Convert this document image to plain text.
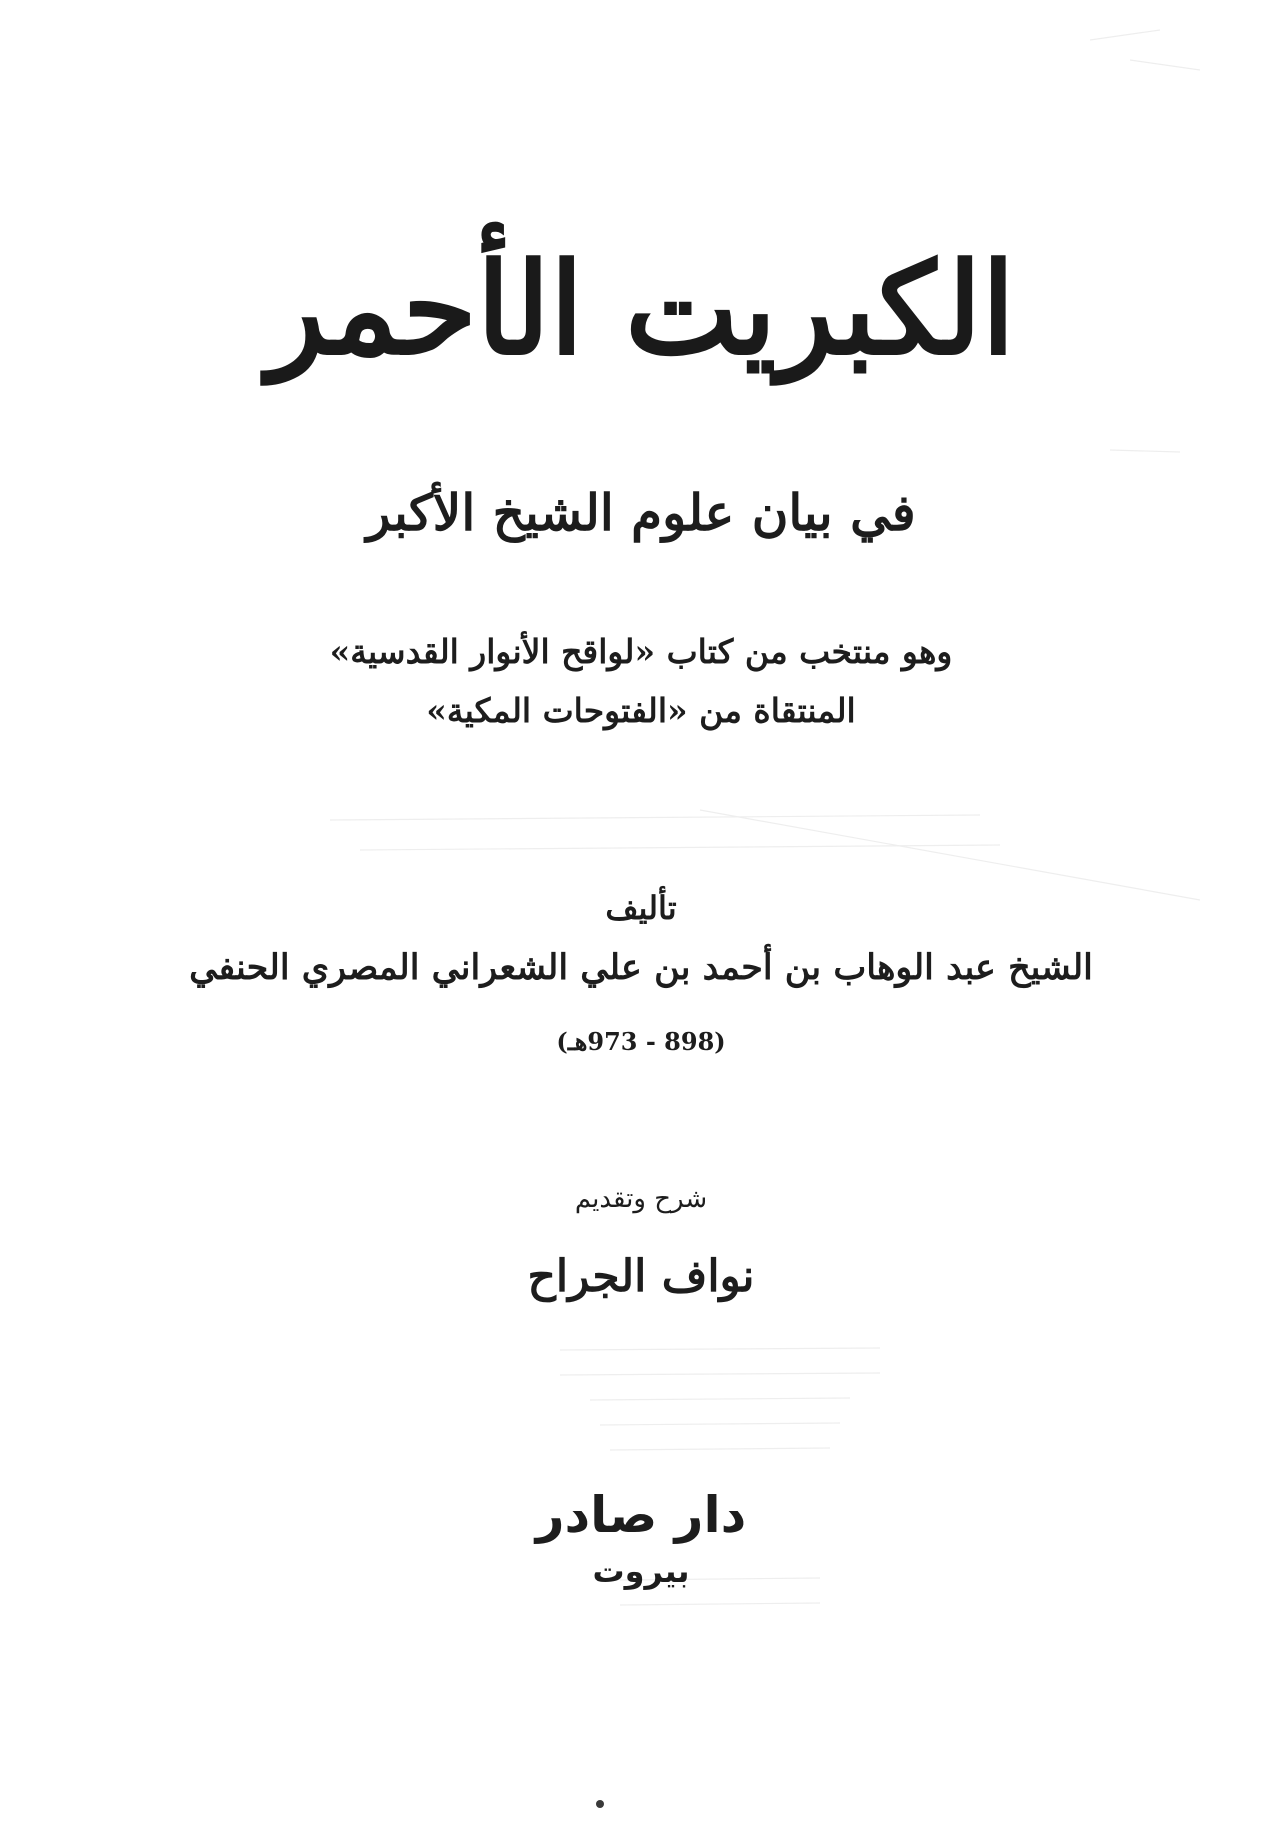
الكبريت الأحمر
في بيان علوم الشيخ الأكبر
وهو منتخب من كتاب «لواقح الأنوار القدسية»
المنتقاة من «الفتوحات المكية»
تأليف
الشيخ عبد الوهاب بن أحمد بن علي الشعراني المصري الحنفي
(898 - 973هـ)
شرح وتقديم
نواف الجراح
دار صادر
بيروت
